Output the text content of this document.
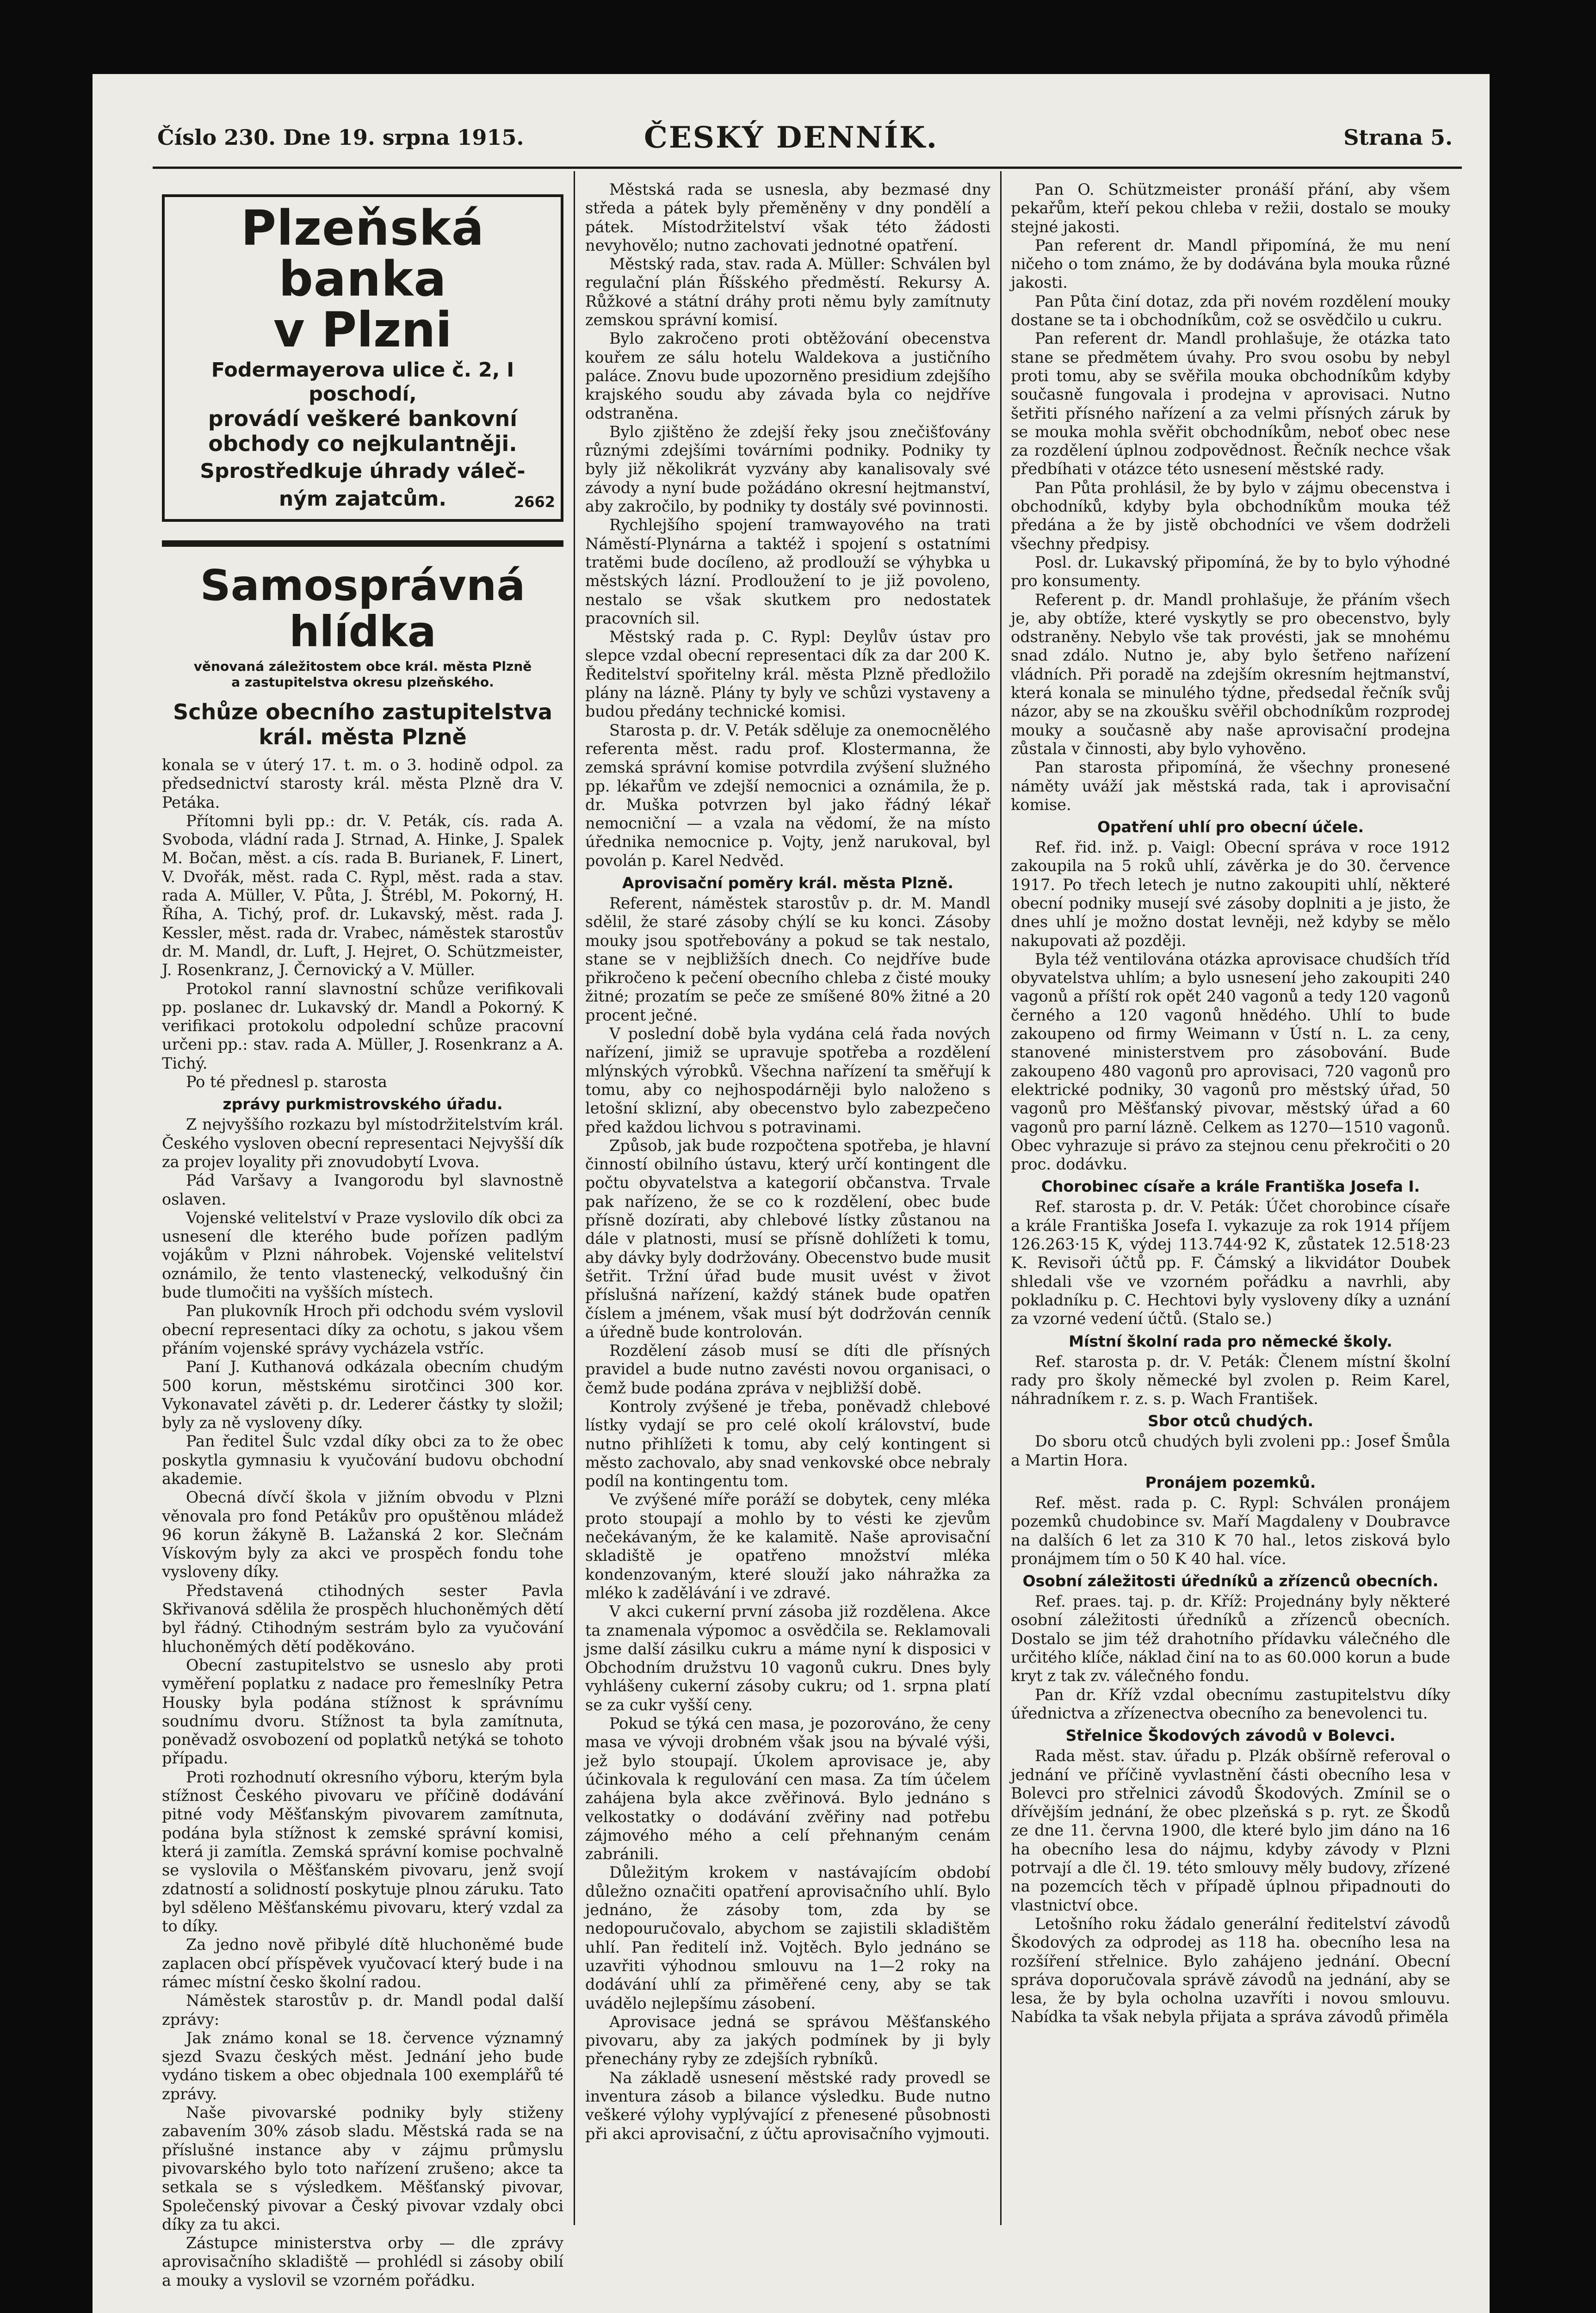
Číslo 230. Dne 19. srpna 1915.	ČESKÝ DENNÍK.	Strana 5.
Plzeňská banka
v Plzni
Fodermayerova ulice č. 2, I poschodí,
provádí veškeré bankovní
obchody co nejkulantněji.
Sprostředkuje úhrady váleč-
ným zajatcům.	2662
Samosprávná hlídka
věnovaná záležitostem obce král. města Plzně
a zastupitelstva okresu plzeňského.
Schůze obecního zastupitelstva
král. města Plzně

konala se v úterý 17. t. m. o 3. hodině odpol. za předsednictví starosty král. města Plzně dra V. Petáka.

Přítomni byli pp.: dr. V. Peták, cís. rada A. Svoboda, vládní rada J. Strnad, A. Hinke, J. Spalek M. Bočan, měst. a cís. rada B. Burianek, F. Linert, V. Dvořák, měst. rada C. Rypl, měst. rada a stav. rada A. Müller, V. Půta, J. Štrébl, M. Pokorný, H. Říha, A. Tichý, prof. dr. Lukavský, měst. rada J. Kessler, měst. rada dr. Vrabec, náměstek starostův dr. M. Mandl, dr. Luft, J. Hejret, O. Schützmeister, J. Rosenkranz, J. Černovický a V. Müller.

Protokol ranní slavnostní schůze verifikovali pp. poslanec dr. Lukavský dr. Mandl a Pokorný. K verifikaci protokolu odpolední schůze pracovní určeni pp.: stav. rada A. Müller, J. Rosenkranz a A. Tichý.

Po té přednesl p. starosta

zprávy purkmistrovského úřadu.

Z nejvyššího rozkazu byl místodržitelstvím král. Českého vysloven obecní representaci Nejvyšší dík za projev loyality při znovudobytí Lvova.

Pád Varšavy a Ivangorodu byl slavnostně oslaven.

Vojenské velitelství v Praze vyslovilo dík obci za usnesení dle kterého bude pořízen padlým vojákům v Plzni náhrobek. Vojenské velitelství oznámilo, že tento vlastenecký, velkodušný čin bude tlumočiti na vyšších místech.

Pan plukovník Hroch při odchodu svém vyslovil obecní representaci díky za ochotu, s jakou všem přáním vojenské správy vycházela vstříc.

Paní J. Kuthanová odkázala obecním chudým 500 korun, městskému sirotčinci 300 kor. Vykonavatel závěti p. dr. Lederer částky ty složil; byly za ně vysloveny díky.

Pan ředitel Šulc vzdal díky obci za to že obec poskytla gymnasiu k vyučování budovu obchodní akademie.

Obecná dívčí škola v jižním obvodu v Plzni věnovala pro fond Petákův pro opuštěnou mládež 96 korun žákyně B. Lažanská 2 kor. Slečnám Vískovým byly za akci ve prospěch fondu tohe vysloveny díky.

Představená ctihodných sester Pavla Skřivanová sdělila že prospěch hluchoněmých dětí byl řádný. Ctihodným sestrám bylo za vyučování hluchoněmých dětí poděkováno.

Obecní zastupitelstvo se usneslo aby proti vyměření poplatku z nadace pro řemeslníky Petra Housky byla podána stížnost k správnímu soudnímu dvoru. Stížnost ta byla zamítnuta, poněvadž osvobození od poplatků netýká se tohoto případu.

Proti rozhodnutí okresního výboru, kterým byla stížnost Českého pivovaru ve příčině dodávání pitné vody Měšťanským pivovarem zamítnuta, podána byla stížnost k zemské správní komisi, která ji zamítla. Zemská správní komise pochvalně se vyslovila o Měšťanském pivovaru, jenž svojí zdatností a solidností poskytuje plnou záruku. Tato byl sděleno Měšťanskému pivovaru, který vzdal za to díky.

Za jedno nově přibylé dítě hluchoněmé bude zaplacen obcí příspěvek vyučovací který bude i na rámec místní česko školní radou.

Náměstek starostův p. dr. Mandl podal další zprávy:

Jak známo konal se 18. července významný sjezd Svazu českých měst. Jednání jeho bude vydáno tiskem a obec objednala 100 exemplářů té zprávy.

Naše pivovarské podniky byly stiženy zabavením 30% zásob sladu. Městská rada se na příslušné instance aby v zájmu průmyslu pivovarského bylo toto nařízení zrušeno; akce ta setkala se s výsledkem. Měšťanský pivovar, Společenský pivovar a Český pivovar vzdaly obci díky za tu akci.

Zástupce ministerstva orby — dle zprávy aprovisačního skladiště — prohlédl si zásoby obilí a mouky a vyslovil se vzorném pořádku.

Městská rada se usnesla, aby bezmasé dny středa a pátek byly přeměněny v dny pondělí a pátek. Místodržitelství však této žádosti nevyhovělo; nutno zachovati jednotné opatření.

Městský rada, stav. rada A. Müller: Schválen byl regulační plán Říšského předměstí. Rekursy A. Růžkové a státní dráhy proti němu byly zamítnuty zemskou správní komisí.

Bylo zakročeno proti obtěžování obecenstva kouřem ze sálu hotelu Waldekova a justičního paláce. Znovu bude upozorněno presidium zdejšího krajského soudu aby závada byla co nejdříve odstraněna.

Bylo zjištěno že zdejší řeky jsou znečišťovány různými zdejšími továrními podniky. Podniky ty byly již několikrát vyzvány aby kanalisovaly své závody a nyní bude požádáno okresní hejtmanství, aby zakročilo, by podniky ty dostály své povinnosti.

Rychlejšího spojení tramwayového na trati Náměstí-Plynárna a taktéž i spojení s ostatními tratěmi bude docíleno, až prodlouží se výhybka u městských lázní. Prodloužení to je již povoleno, nestalo se však skutkem pro nedostatek pracovních sil.

Městský rada p. C. Rypl: Deylův ústav pro slepce vzdal obecní representaci dík za dar 200 K. Ředitelství spořitelny král. města Plzně předložilo plány na lázně. Plány ty byly ve schůzi vystaveny a budou předány technické komisi.

Starosta p. dr. V. Peták sděluje za onemocnělého referenta měst. radu prof. Klostermanna, že zemská správní komise potvrdila zvýšení služného pp. lékařům ve zdejší nemocnici a oznámila, že p. dr. Muška potvrzen byl jako řádný lékař nemocniční — a vzala na vědomí, že na místo úřednika nemocnice p. Vojty, jenž narukoval, byl povolán p. Karel Nedvěd.

Aprovisační poměry král. města Plzně.

Referent, náměstek starostův p. dr. M. Mandl sdělil, že staré zásoby chýlí se ku konci. Zásoby mouky jsou spotřebovány a pokud se tak nestalo, stane se v nejbližších dnech. Co nejdříve bude přikročeno k pečení obecního chleba z čisté mouky žitné; prozatím se peče ze smíšené 80% žitné a 20 procent ječné.

V poslední době byla vydána celá řada nových nařízení, jimiž se upravuje spotřeba a rozdělení mlýnských výrobků. Všechna nařízení ta směřují k tomu, aby co nejhospodárněji bylo naloženo s letošní sklizní, aby obecenstvo bylo zabezpečeno před každou lichvou s potravinami.

Způsob, jak bude rozpočtena spotřeba, je hlavní činností obilního ústavu, který určí kontingent dle počtu obyvatelstva a kategorií občanstva. Trvale pak nařízeno, že se co k rozdělení, obec bude přísně dozírati, aby chlebové lístky zůstanou na dále v platnosti, musí se přísně dohlížeti k tomu, aby dávky byly dodržovány. Obecenstvo bude musit šetřit. Tržní úřad bude musit uvést v život příslušná nařízení, každý stánek bude opatřen číslem a jménem, však musí být dodržován cenník a úředně bude kontrolován.

Rozdělení zásob musí se díti dle přísných pravidel a bude nutno zavésti novou organisaci, o čemž bude podána zpráva v nejbližší době.

Kontroly zvýšené je třeba, poněvadž chlebové lístky vydají se pro celé okolí království, bude nutno přihlížeti k tomu, aby celý kontingent si město zachovalo, aby snad venkovské obce nebraly podíl na kontingentu tom.

Ve zvýšené míře poráží se dobytek, ceny mléka proto stoupají a mohlo by to vésti ke zjevům nečekávaným, že ke kalamitě. Naše aprovisační skladiště je opatřeno množství mléka kondenzovaným, které slouží jako náhražka za mléko k zadělávání i ve zdravé.

V akci cukerní první zásoba již rozdělena. Akce ta znamenala výpomoc a osvědčila se. Reklamovali jsme další zásilku cukru a máme nyní k disposici v Obchodním družstvu 10 vagonů cukru. Dnes byly vyhlášeny cukerní zásoby cukru; od 1. srpna platí se za cukr vyšší ceny.

Pokud se týká cen masa, je pozorováno, že ceny masa ve vývoji drobném však jsou na bývalé výši, jež bylo stoupají. Úkolem aprovisace je, aby účinkovala k regulování cen masa. Za tím účelem zahájena byla akce zvěřinová. Bylo jednáno s velkostatky o dodávání zvěřiny nad potřebu zájmového mého a celí přehnaným cenám zabránili.

Důležitým krokem v nastávajícím období důležno označiti opatření aprovisačního uhlí. Bylo jednáno, že zásoby tom, zda by se nedopouručovalo, abychom se zajistili skladištěm uhlí. Pan ředitelí inž. Vojtěch. Bylo jednáno se uzavřiti výhodnou smlouvu na 1—2 roky na dodávání uhlí za přiměřené ceny, aby se tak uvádělo nejlepšímu zásobení.

Aprovisace jedná se správou Měšťanského pivovaru, aby za jakých podmínek by ji byly přenechány ryby ze zdejších rybníků.

Na základě usnesení městské rady provedl se inventura zásob a bilance výsledku. Bude nutno veškeré výlohy vyplývající z přenesené působnosti při akci aprovisační, z účtu aprovisačního vyjmouti.

Pan O. Schützmeister pronáší přání, aby všem pekařům, kteří pekou chleba v režii, dostalo se mouky stejné jakosti.

Pan referent dr. Mandl připomíná, že mu není ničeho o tom známo, že by dodávána byla mouka různé jakosti.

Pan Půta činí dotaz, zda při novém rozdělení mouky dostane se ta i obchodníkům, což se osvědčilo u cukru.

Pan referent dr. Mandl prohlašuje, že otázka tato stane se předmětem úvahy. Pro svou osobu by nebyl proti tomu, aby se svěřila mouka obchodníkům kdyby současně fungovala i prodejna v aprovisaci. Nutno šetřiti přísného nařízení a za velmi přísných záruk by se mouka mohla svěřit obchodníkům, neboť obec nese za rozdělení úplnou zodpovědnost. Řečník nechce však předbíhati v otázce této usnesení městské rady.

Pan Půta prohlásil, že by bylo v zájmu obecenstva i obchodníků, kdyby byla obchodníkům mouka též předána a že by jistě obchodníci ve všem dodrželi všechny předpisy.

Posl. dr. Lukavský připomíná, že by to bylo výhodné pro konsumenty.

Referent p. dr. Mandl prohlašuje, že přáním všech je, aby obtíže, které vyskytly se pro obecenstvo, byly odstraněny. Nebylo vše tak provésti, jak se mnohému snad zdálo. Nutno je, aby bylo šetřeno nařízení vládních. Při poradě na zdejším okresním hejtmanství, která konala se minulého týdne, předsedal řečník svůj názor, aby se na zkoušku svěřil obchodníkům rozprodej mouky a současně aby naše aprovisační prodejna zůstala v činnosti, aby bylo vyhověno.

Pan starosta připomíná, že všechny pronesené náměty uváží jak městská rada, tak i aprovisační komise.

Opatření uhlí pro obecní účele.

Ref. řid. inž. p. Vaigl: Obecní správa v roce 1912 zakoupila na 5 roků uhlí, závěrka je do 30. července 1917. Po třech letech je nutno zakoupiti uhlí, některé obecní podniky musejí své zásoby doplniti a je jisto, že dnes uhlí je možno dostat levněji, než kdyby se mělo nakupovati až později.

Byla též ventilována otázka aprovisace chudších tříd obyvatelstva uhlím; a bylo usnesení jeho zakoupiti 240 vagonů a příští rok opět 240 vagonů a tedy 120 vagonů černého a 120 vagonů hnědého. Uhlí to bude zakoupeno od firmy Weimann v Ústí n. L. za ceny, stanovené ministerstvem pro zásobování. Bude zakoupeno 480 vagonů pro aprovisaci, 720 vagonů pro elektrické podniky, 30 vagonů pro městský úřad, 50 vagonů pro Měšťanský pivovar, městský úřad a 60 vagonů pro parní lázně. Celkem as 1270—1510 vagonů. Obec vyhrazuje si právo za stejnou cenu překročiti o 20 proc. dodávku.

Chorobinec císaře a krále Františka Josefa I.

Ref. starosta p. dr. V. Peták: Účet chorobince císaře a krále Františka Josefa I. vykazuje za rok 1914 příjem 126.263·15 K, výdej 113.744·92 K, zůstatek 12.518·23 K. Revisoři účtů pp. F. Čámský a likvidátor Doubek shledali vše ve vzorném pořádku a navrhli, aby pokladníku p. C. Hechtovi byly vysloveny díky a uznání za vzorné vedení účtů. (Stalo se.)

Místní školní rada pro německé školy.

Ref. starosta p. dr. V. Peták: Členem místní školní rady pro školy německé byl zvolen p. Reim Karel, náhradníkem r. z. s. p. Wach František.

Sbor otců chudých.

Do sboru otců chudých byli zvoleni pp.: Josef Šmůla a Martin Hora.

Pronájem pozemků.

Ref. měst. rada p. C. Rypl: Schválen pronájem pozemků chudobince sv. Maří Magdaleny v Doubravce na dalších 6 let za 310 K 70 hal., letos zisková bylo pronájmem tím o 50 K 40 hal. více.

Osobní záležitosti úředníků a zřízenců obecních.

Ref. praes. taj. p. dr. Kříž: Projednány byly některé osobní záležitosti úředníků a zřízenců obecních. Dostalo se jim též drahotního přídavku válečného dle určitého klíče, náklad činí na to as 60.000 korun a bude kryt z tak zv. válečného fondu.

Pan dr. Kříž vzdal obecnímu zastupitelstvu díky úřednictva a zřízenectva obecního za benevolenci tu.

Střelnice Škodových závodů v Bolevci.

Rada měst. stav. úřadu p. Plzák obšírně referoval o jednání ve příčině vyvlastnění části obecního lesa v Bolevci pro střelnici závodů Škodových. Zmínil se o dřívějším jednání, že obec plzeňská s p. ryt. ze Škodů ze dne 11. června 1900, dle které bylo jim dáno na 16 ha obecního lesa do nájmu, kdyby závody v Plzni potrvají a dle čl. 19. této smlouvy měly budovy, zřízené na pozemcích těch v případě úplnou připadnouti do vlastnictví obce.

Letošního roku žádalo generální ředitelství závodů Škodových za odprodej as 118 ha. obecního lesa na rozšíření střelnice. Bylo zahájeno jednání. Obecní správa doporučovala správě závodů na jednání, aby se lesa, že by byla ocholna uzavříti i novou smlouvu. Nabídka ta však nebyla přijata a správa závodů přiměla
